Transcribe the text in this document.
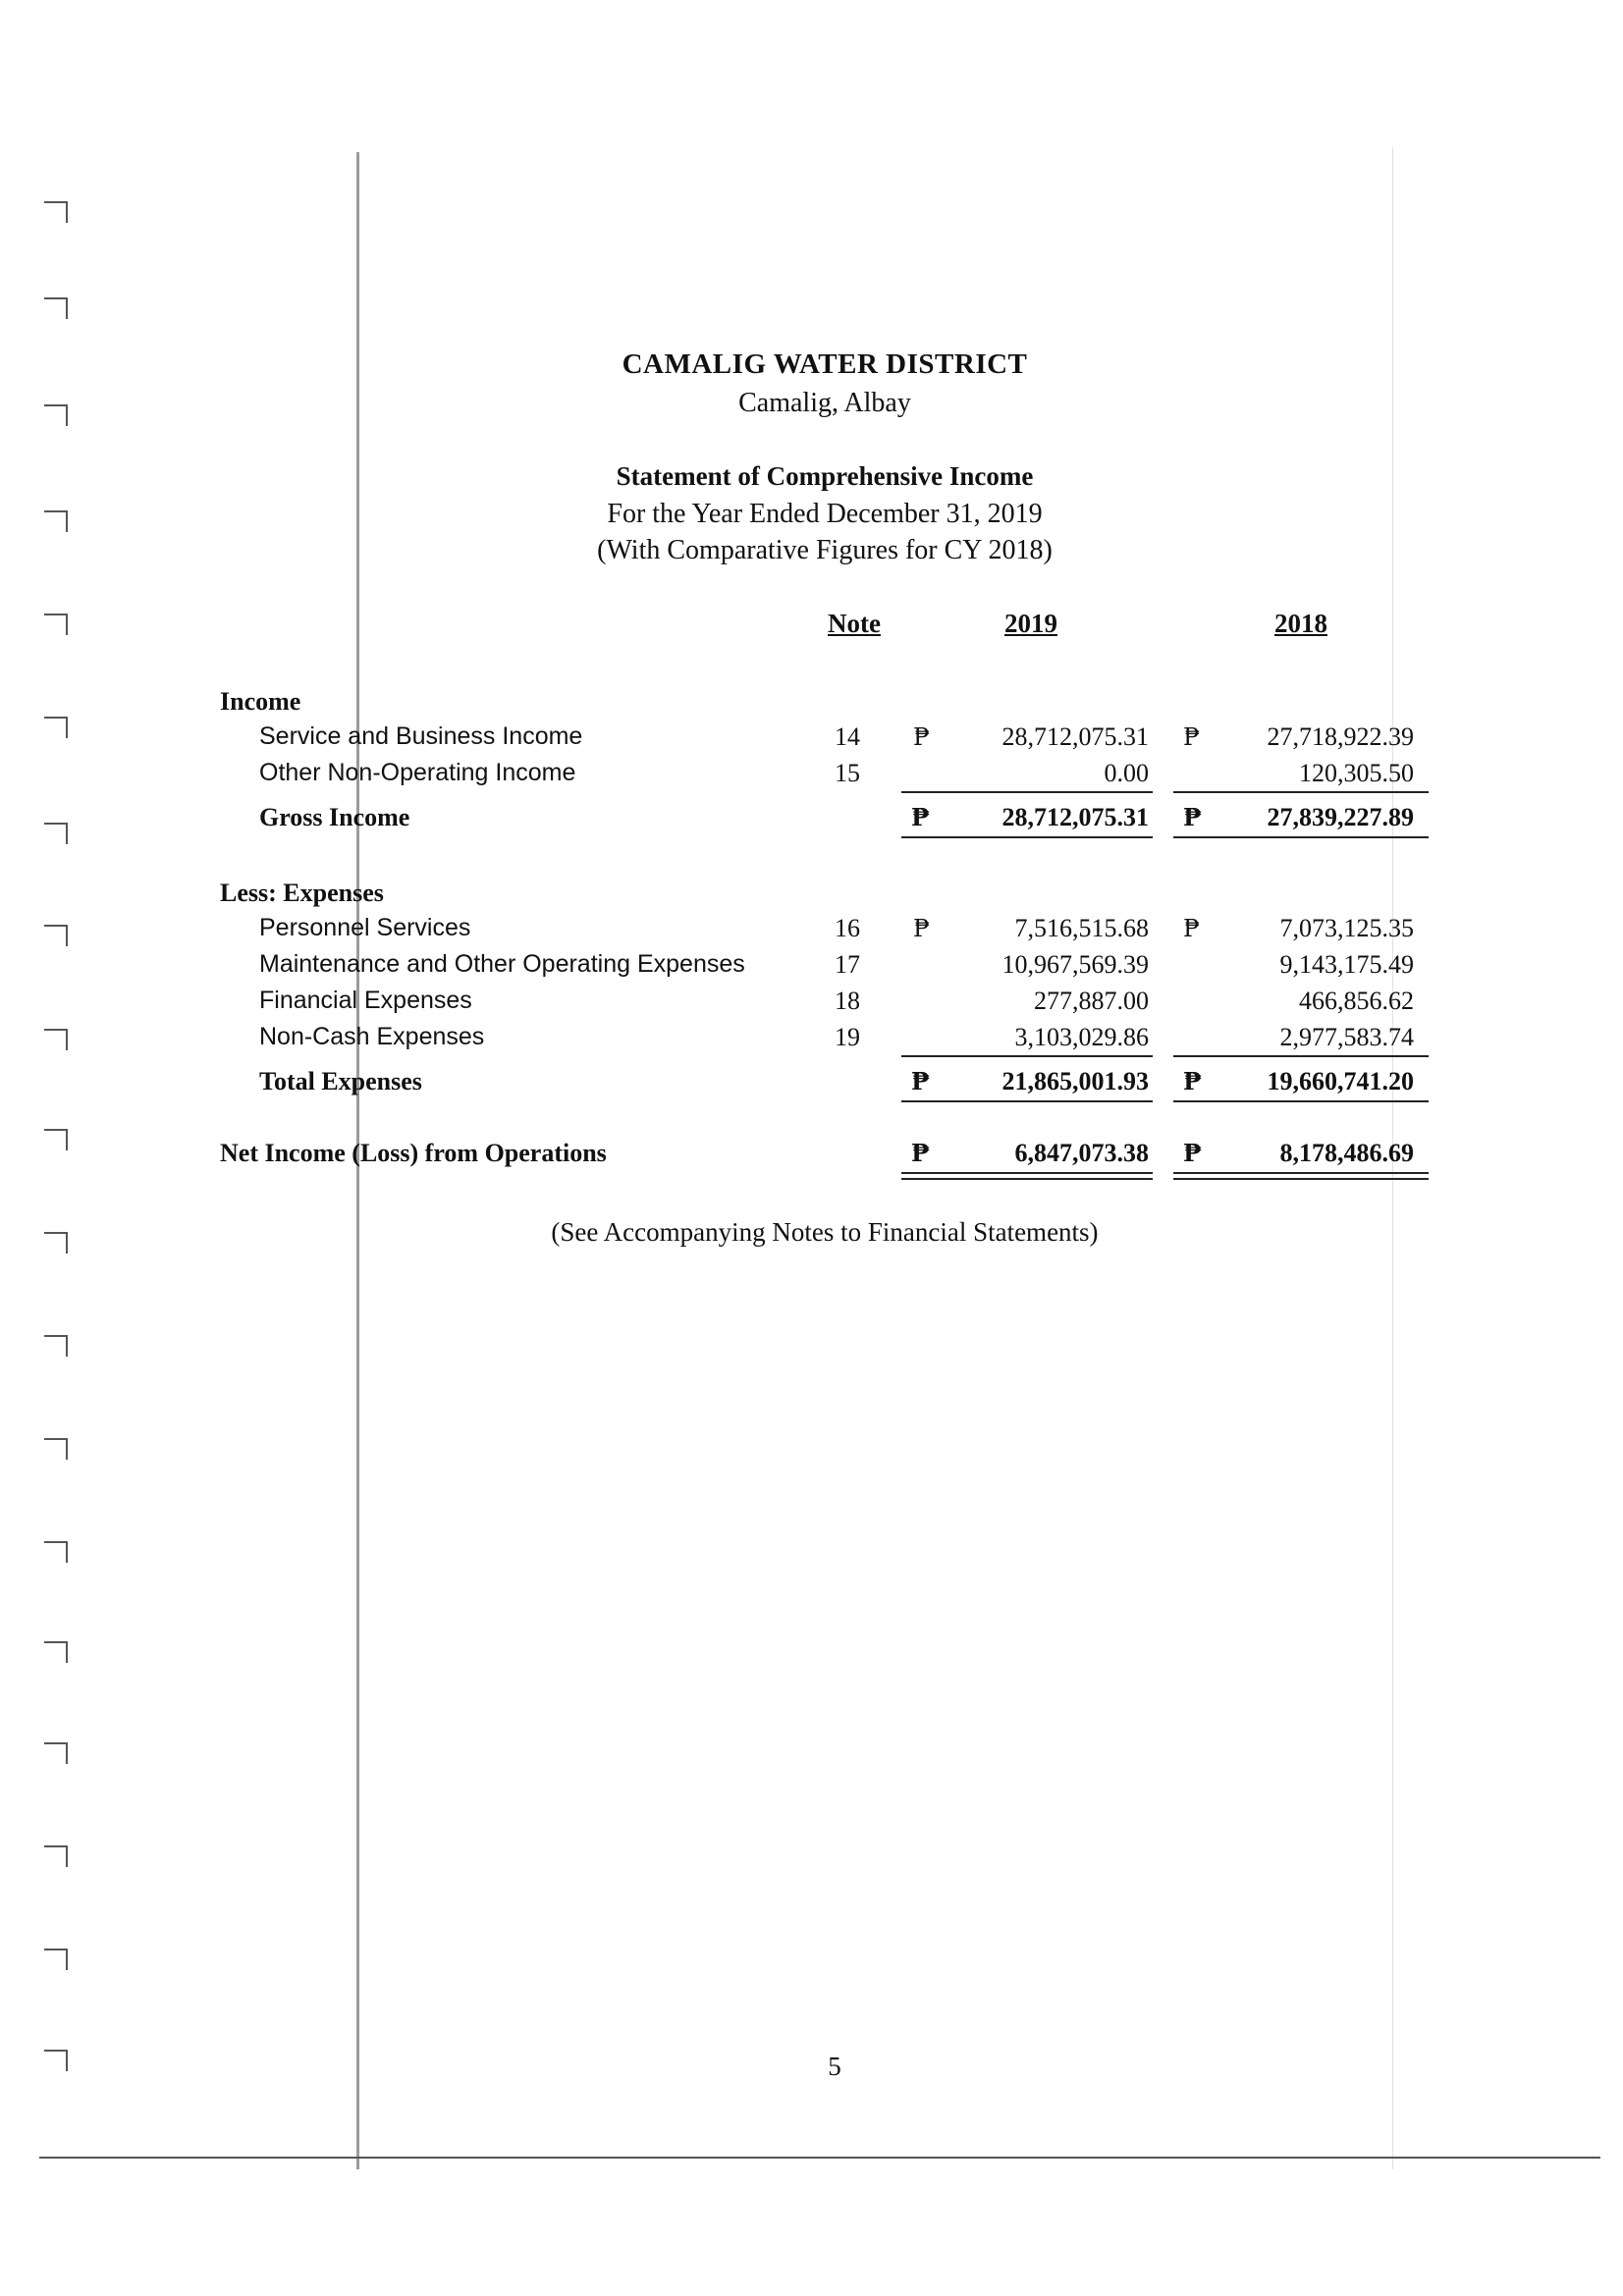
CAMALIG WATER DISTRICT
Camalig, Albay
Statement of Comprehensive Income
For the Year Ended December 31, 2019
(With Comparative Figures for CY 2018)
Note	2019	2018
Income
Service and Business Income	14	₱	28,712,075.31 ₱	27,718,922.39
Other Non-Operating Income	15	0.00	120,305.50
Gross Income	₱	28,712,075.31 ₱	27,839,227.89
Less: Expenses
Personnel Services	16	₱	7,516,515.68 ₱	7,073,125.35
Maintenance and Other Operating Expenses	17	10,967,569.39	9,143,175.49
Financial Expenses	18	277,887.00	466,856.62
Non-Cash Expenses	19	3,103,029.86	2,977,583.74
Total Expenses	₱	21,865,001.93 ₱	19,660,741.20
Net Income (Loss) from Operations	₱	6,847,073.38 ₱	8,178,486.69
(See Accompanying Notes to Financial Statements)
5
